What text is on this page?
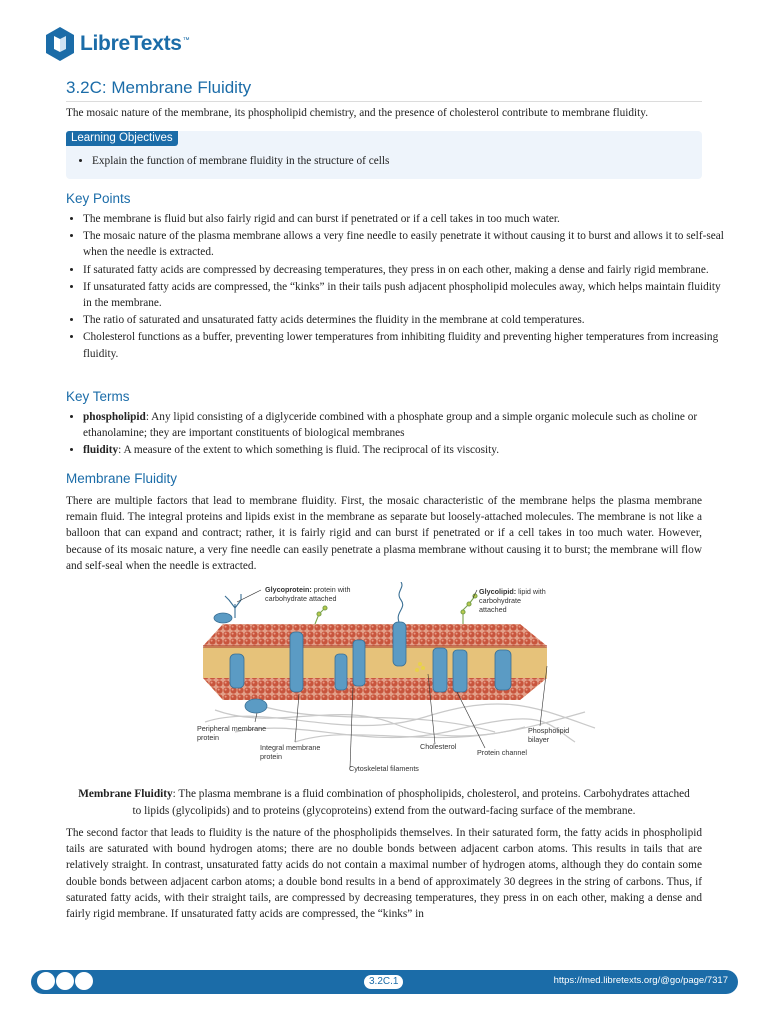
LibreTexts™
3.2C: Membrane Fluidity

The mosaic nature of the membrane, its phospholipid chemistry, and the presence of cholesterol contribute to membrane fluidity.

Learning Objectives
• Explain the function of membrane fluidity in the structure of cells
Key Points
• The membrane is fluid but also fairly rigid and can burst if penetrated or if a cell takes in too much water.
• The mosaic nature of the plasma membrane allows a very fine needle to easily penetrate it without causing it to burst and allows it to self-seal when the needle is extracted.
• If saturated fatty acids are compressed by decreasing temperatures, they press in on each other, making a dense and fairly rigid membrane.
• If unsaturated fatty acids are compressed, the “kinks” in their tails push adjacent phospholipid molecules away, which helps maintain fluidity in the membrane.
• The ratio of saturated and unsaturated fatty acids determines the fluidity in the membrane at cold temperatures.
• Cholesterol functions as a buffer, preventing lower temperatures from inhibiting fluidity and preventing higher temperatures from increasing fluidity.
Key Terms
• phospholipid: Any lipid consisting of a diglyceride combined with a phosphate group and a simple organic molecule such as choline or ethanolamine; they are important constituents of biological membranes
• fluidity: A measure of the extent to which something is fluid. The reciprocal of its viscosity.
Membrane Fluidity

There are multiple factors that lead to membrane fluidity. First, the mosaic characteristic of the membrane helps the plasma membrane remain fluid. The integral proteins and lipids exist in the membrane as separate but loosely-attached molecules. The membrane is not like a balloon that can expand and contract; rather, it is fairly rigid and can burst if penetrated or if a cell takes in too much water. However, because of its mosaic nature, a very fine needle can easily penetrate a plasma membrane without causing it to burst; the membrane will flow and self-seal when the needle is extracted.

Glycoprotein: protein with
carbohydrate attached
Glycolipid: lipid with
carbohydrate
attached
Peripheral membrane
protein
Integral membrane
protein
Cholesterol
Protein channel
Phospholipid
bilayer
Cytoskeletal filaments

Membrane Fluidity: The plasma membrane is a fluid combination of phospholipids, cholesterol, and proteins. Carbohydrates attached to lipids (glycolipids) and to proteins (glycoproteins) extend from the outward-facing surface of the membrane.

The second factor that leads to fluidity is the nature of the phospholipids themselves. In their saturated form, the fatty acids in phospholipid tails are saturated with bound hydrogen atoms; there are no double bonds between adjacent carbon atoms. This results in tails that are relatively straight. In contrast, unsaturated fatty acids do not contain a maximal number of hydrogen atoms, although they do contain some double bonds between adjacent carbon atoms; a double bond results in a bend of approximately 30 degrees in the string of carbons. Thus, if saturated fatty acids, with their straight tails, are compressed by decreasing temperatures, they press in on each other, making a dense and fairly rigid membrane. If unsaturated fatty acids are compressed, the “kinks” in

3.2C.1	https://med.libretexts.org/@go/page/7317
